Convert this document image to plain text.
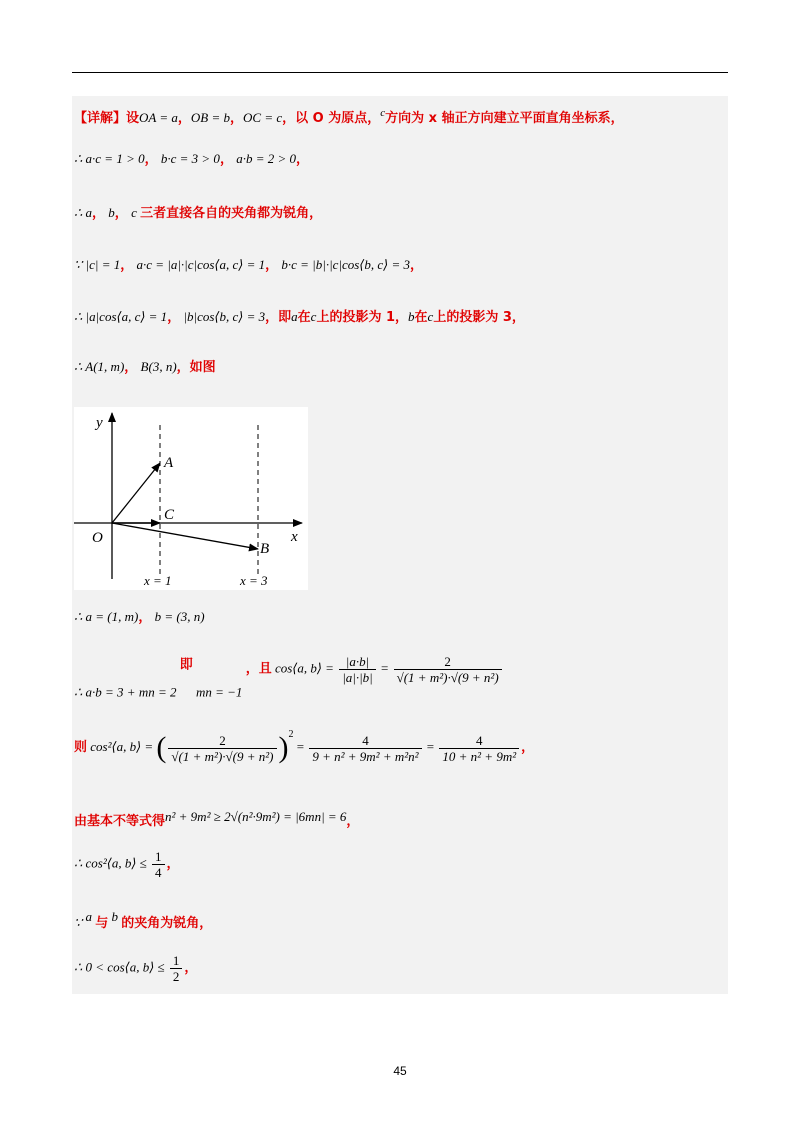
【详解】设OA = a，OB = b，OC = c，以 O 为原点，$^c$方向为 x 轴正方向建立平面直角坐标系，
∴ a·c = 1 > 0， b·c = 3 > 0， a·b = 2 > 0，
∴ a， b， c 三者直接各自的夹角都为锐角，
∵ |c| = 1， a·c = |a|·|c|cos⟨a, c⟩ = 1， b·c = |b|·|c|cos⟨b, c⟩ = 3，
∴ |a|cos⟨a, c⟩ = 1， |b|cos⟨b, c⟩ = 3，即a在c上的投影为 1，b在c上的投影为 3，
∴ A(1, m)， B(3, n)，如图
y
x
O
A
C
B
x = 1	x = 3
∴ a = (1, m)， b = (3, n)
∴ a·b = 3 + mn = 2 即 mn = −1 ，且 cos⟨a, b⟩ = $\frac{|a\cdot b|}{|a|\cdot|b|} = \frac{2}{\text{√(1 + m²)·√(9 + n²)}}$
则 cos²⟨a, b⟩ = ( $\frac{2}{\text{√(1 + m²)·√(9 + n²)}} )^2 = \frac{4}{\text{9 + n² + 9m² + m²n²}} = \frac{4}{\text{10 + n² + 9m²}}$ ，
由基本不等式得n² + 9m² ≥ 2√(n²·9m²) = |6mn| = 6，
∴ cos²⟨a, b⟩ ≤ $\frac{1}{4}$ ，
∵ a 与 b 的夹角为锐角，
∴ 0 < cos⟨a, b⟩ ≤ $\frac{1}{2}$ ，
45
